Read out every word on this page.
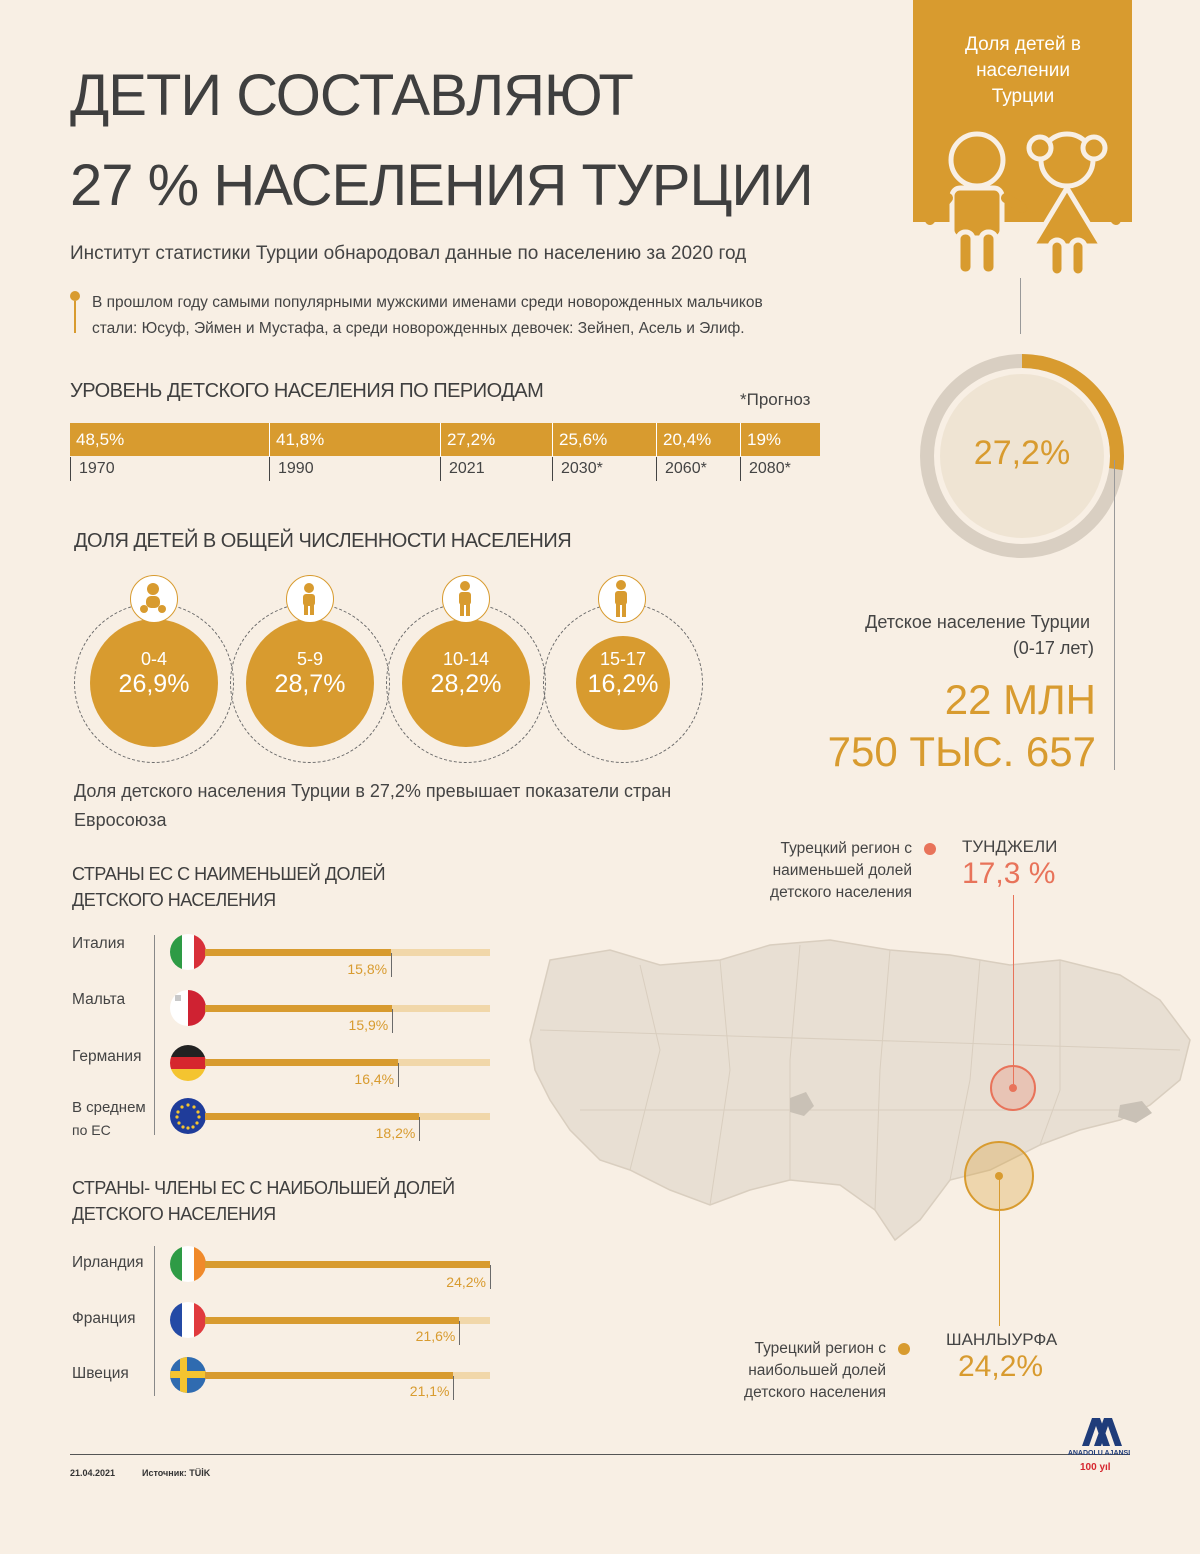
ДЕТИ СОСТАВЛЯЮТ
27 % НАСЕЛЕНИЯ ТУРЦИИ
Институт статистики Турции обнародовал данные по населению за 2020 год
В прошлом году самыми популярными мужскими именами среди новорожденных мальчиков стали: Юсуф, Эймен и Мустафа, а среди новорожденных девочек: Зейнеп, Асель и Элиф.
Доля детей в населении Турции
27,2%
Детское население Турции
(0-17 лет)
22 МЛН
750 ТЫС. 657
УРОВЕНЬ ДЕТСКОГО НАСЕЛЕНИЯ ПО ПЕРИОДАМ	*Прогноз
48,5%	41,8%	27,2%	25,6%	20,4%	19%
1970	1990	2021	2030*	2060*	2080*
ДОЛЯ ДЕТЕЙ В ОБЩЕЙ ЧИСЛЕННОСТИ НАСЕЛЕНИЯ
0-4
26,9%
5-9
28,7%
10-14
28,2%
15-17
16,2%
Доля детского населения Турции в 27,2% превышает показатели стран Евросоюза
СТРАНЫ ЕС С НАИМЕНЬШЕЙ ДОЛЕЙ
ДЕТСКОГО НАСЕЛЕНИЯ
Италия
15,8%
Мальта
15,9%
Германия
16,4%
В среднем
по ЕС	18,2%
СТРАНЫ- ЧЛЕНЫ ЕС С НАИБОЛЬШЕЙ ДОЛЕЙ
ДЕТСКОГО НАСЕЛЕНИЯ
Ирландия
24,2%
Франция
21,6%
Швеция
21,1%
Турецкий регион с
наименьшей долей
детского населения
ТУНДЖЕЛИ
17,3 %
Турецкий регион с
наибольшей долей
детского населения
ШАНЛЫУРФА
24,2%
21.04.2021	Источник: TÜİK
ANADOLU AJANSI
100 yıl
